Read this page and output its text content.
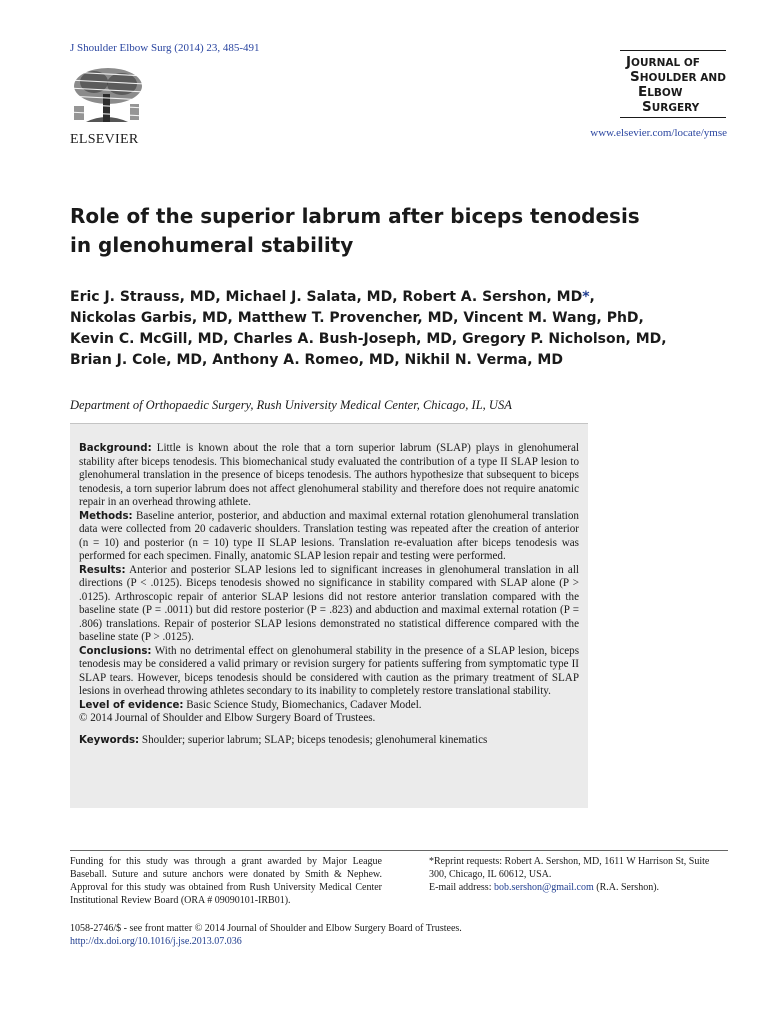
J Shoulder Elbow Surg (2014) 23, 485-491
ELSEVIER
JOURNAL OF
SHOULDER AND
ELBOW
SURGERY
www.elsevier.com/locate/ymse
Role of the superior labrum after biceps tenodesis
in glenohumeral stability
Eric J. Strauss, MD, Michael J. Salata, MD, Robert A. Sershon, MD*,
Nickolas Garbis, MD, Matthew T. Provencher, MD, Vincent M. Wang, PhD,
Kevin C. McGill, MD, Charles A. Bush-Joseph, MD, Gregory P. Nicholson, MD,
Brian J. Cole, MD, Anthony A. Romeo, MD, Nikhil N. Verma, MD
Department of Orthopaedic Surgery, Rush University Medical Center, Chicago, IL, USA

Background: Little is known about the role that a torn superior labrum (SLAP) plays in glenohumeral stability after biceps tenodesis. This biomechanical study evaluated the contribution of a type II SLAP lesion to glenohumeral translation in the presence of biceps tenodesis. The authors hypothesize that subsequent to biceps tenodesis, a torn superior labrum does not affect glenohumeral stability and therefore does not require anatomic repair in an overhead throwing athlete.

Methods: Baseline anterior, posterior, and abduction and maximal external rotation glenohumeral translation data were collected from 20 cadaveric shoulders. Translation testing was repeated after the creation of anterior (n = 10) and posterior (n = 10) type II SLAP lesions. Translation re-evaluation after biceps tenodesis was performed for each specimen. Finally, anatomic SLAP lesion repair and testing were performed.

Results: Anterior and posterior SLAP lesions led to significant increases in glenohumeral translation in all directions (P < .0125). Biceps tenodesis showed no significance in stability compared with SLAP alone (P > .0125). Arthroscopic repair of anterior SLAP lesions did not restore anterior translation compared with the baseline state (P = .0011) but did restore posterior (P = .823) and abduction and maximal external rotation (P = .806) translations. Repair of posterior SLAP lesions demonstrated no statistical difference compared with the baseline state (P > .0125).

Conclusions: With no detrimental effect on glenohumeral stability in the presence of a SLAP lesion, biceps tenodesis may be considered a valid primary or revision surgery for patients suffering from symptomatic type II SLAP tears. However, biceps tenodesis should be considered with caution as the primary treatment of SLAP lesions in overhead throwing athletes secondary to its inability to completely restore translational stability.

Level of evidence: Basic Science Study, Biomechanics, Cadaver Model.

© 2014 Journal of Shoulder and Elbow Surgery Board of Trustees.

Keywords: Shoulder; superior labrum; SLAP; biceps tenodesis; glenohumeral kinematics

Funding for this study was through a grant awarded by Major League Baseball. Suture and suture anchors were donated by Smith & Nephew. Approval for this study was obtained from Rush University Medical Center Institutional Review Board (ORA # 09090101-IRB01).
*Reprint requests: Robert A. Sershon, MD, 1611 W Harrison St, Suite 300, Chicago, IL 60612, USA.
E-mail address: bob.sershon@gmail.com (R.A. Sershon).
1058-2746/$ - see front matter © 2014 Journal of Shoulder and Elbow Surgery Board of Trustees.
http://dx.doi.org/10.1016/j.jse.2013.07.036
